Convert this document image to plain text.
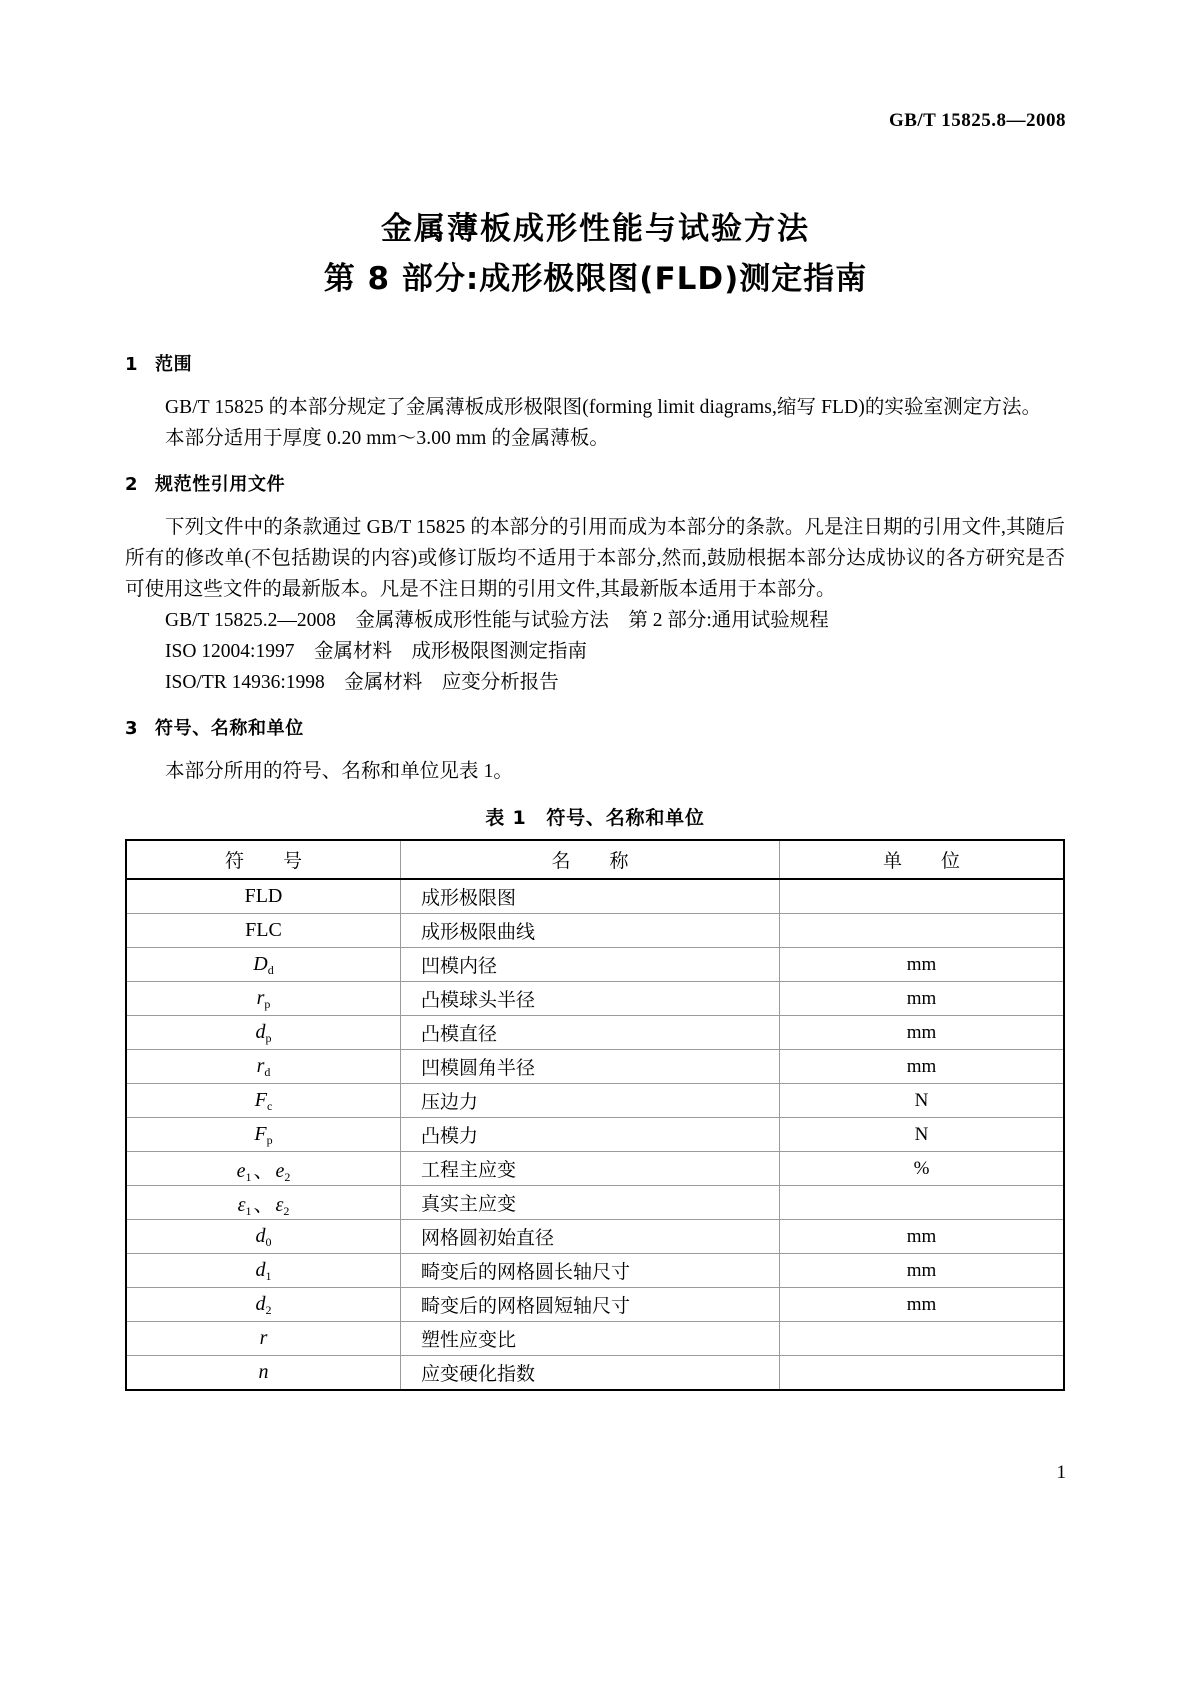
GB/T 15825.8—2008
金属薄板成形性能与试验方法
第 8 部分:成形极限图(FLD)测定指南
1 范围

GB/T 15825 的本部分规定了金属薄板成形极限图(forming limit diagrams,缩写 FLD)的实验室测定方法。

本部分适用于厚度 0.20 mm～3.00 mm 的金属薄板。

2 规范性引用文件

下列文件中的条款通过 GB/T 15825 的本部分的引用而成为本部分的条款。凡是注日期的引用文件,其随后所有的修改单(不包括勘误的内容)或修订版均不适用于本部分,然而,鼓励根据本部分达成协议的各方研究是否可使用这些文件的最新版本。凡是不注日期的引用文件,其最新版本适用于本部分。

GB/T 15825.2—2008　金属薄板成形性能与试验方法　第 2 部分:通用试验规程

ISO 12004:1997　金属材料　成形极限图测定指南

ISO/TR 14936:1998　金属材料　应变分析报告

3 符号、名称和单位

本部分所用的符号、名称和单位见表 1。

表 1　符号、名称和单位
符　号	名　称	单　位
FLD	成形极限图	
FLC	成形极限曲线	
$D_d$	凹模内径	mm
$r_p$	凸模球头半径	mm
$d_p$	凸模直径	mm
$r_d$	凹模圆角半径	mm
$F_c$	压边力	N
$F_p$	凸模力	N
$e_1$ 、 $e_2$	工程主应变	%
$\varepsilon_1$ 、 $\varepsilon_2$	真实主应变	
$d_0$	网格圆初始直径	mm
$d_1$	畸变后的网格圆长轴尺寸	mm
$d_2$	畸变后的网格圆短轴尺寸	mm
r	塑性应变比	
n	应变硬化指数	
1
